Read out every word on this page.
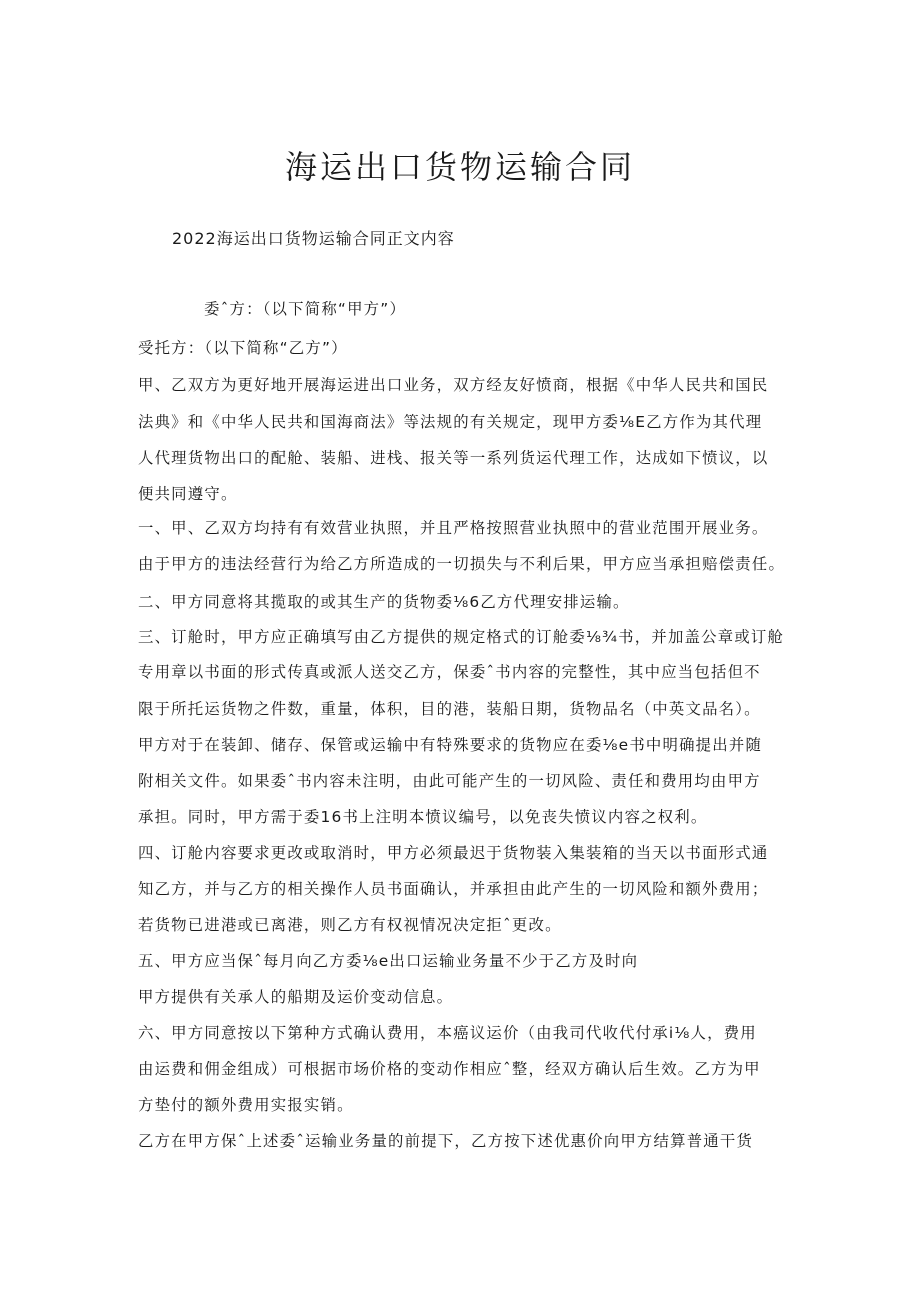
海运出口货物运输合同

2022海运出口货物运输合同正文内容

委ˆ方：（以下简称“甲方”）

受托方：（以下简称“乙方”）

甲、乙双方为更好地开展海运进出口业务，双方经友好愤商，根据《中华人民共和国民

法典》和《中华人民共和国海商法》等法规的有关规定，现甲方委⅛E乙方作为其代理

人代理货物出口的配舱、装船、进栈、报关等一系列货运代理工作，达成如下愤议，以

便共同遵守。

一、甲、乙双方均持有有效营业执照，并且严格按照营业执照中的营业范围开展业务。

由于甲方的违法经营行为给乙方所造成的一切损失与不利后果，甲方应当承担赔偿责任。

二、甲方同意将其揽取的或其生产的货物委⅛6乙方代理安排运输。

三、订舱时，甲方应正确填写由乙方提供的规定格式的订舱委⅛¾书，并加盖公章或订舱

专用章以书面的形式传真或派人送交乙方，保委ˆ书内容的完整性，其中应当包括但不

限于所托运货物之件数，重量，体积，目的港，装船日期，货物品名（中英文品名）。

甲方对于在装卸、储存、保管或运输中有特殊要求的货物应在委⅛e书中明确提出并随

附相关文件。如果委ˆ书内容未注明，由此可能产生的一切风险、责任和费用均由甲方

承担。同时，甲方需于委16书上注明本愤议编号，以免丧失愤议内容之权利。

四、订舱内容要求更改或取消时，甲方必须最迟于货物装入集装箱的当天以书面形式通

知乙方，并与乙方的相关操作人员书面确认，并承担由此产生的一切风险和额外费用；

若货物已进港或已离港，则乙方有权视情况决定拒ˆ更改。

五、甲方应当保ˆ每月向乙方委⅛e出口运输业务量不少于乙方及时向

甲方提供有关承人的船期及运价变动信息。

六、甲方同意按以下第种方式确认费用，本癌议运价（由我司代收代付承i⅛人，费用

由运费和佣金组成）可根据市场价格的变动作相应ˆ整，经双方确认后生效。乙方为甲

方垫付的额外费用实报实销。

乙方在甲方保ˆ上述委ˆ运输业务量的前提下，乙方按下述优惠价向甲方结算普通干货
